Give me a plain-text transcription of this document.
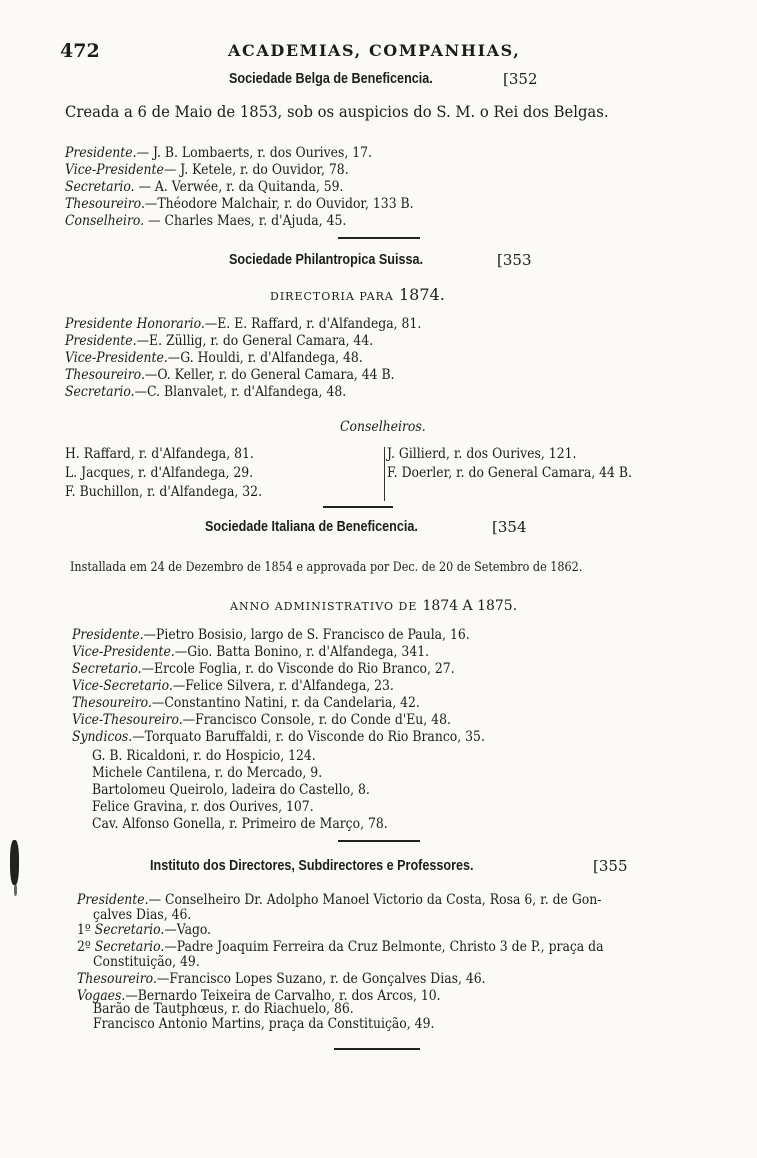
472	ACADEMIAS, COMPANHIAS,
Sociedade Belga de Beneficencia.	[352
Creada a 6 de Maio de 1853, sob os auspicios do S. M. o Rei dos Belgas.
Presidente.— J. B. Lombaerts, r. dos Ourives, 17.
Vice-Presidente— J. Ketele, r. do Ouvidor, 78.
Secretario. — A. Verwée, r. da Quitanda, 59.
Thesoureiro.—Théodore Malchair, r. do Ouvidor, 133 B.
Conselheiro. — Charles Maes, r. d'Ajuda, 45.
Sociedade Philantropica Suissa.	[353
DIRECTORIA PARA 1874.
Presidente Honorario.—E. E. Raffard, r. d'Alfandega, 81.
Presidente.—E. Züllig, r. do General Camara, 44.
Vice-Presidente.—G. Houldi, r. d'Alfandega, 48.
Thesoureiro.—O. Keller, r. do General Camara, 44 B.
Secretario.—C. Blanvalet, r. d'Alfandega, 48.
Conselheiros.
H. Raffard, r. d'Alfandega, 81.
L. Jacques, r. d'Alfandega, 29.
F. Buchillon, r. d'Alfandega, 32.
J. Gillierd, r. dos Ourives, 121.
F. Doerler, r. do General Camara, 44 B.
Sociedade Italiana de Beneficencia.	[354
Installada em 24 de Dezembro de 1854 e approvada por Dec. de 20 de Setembro de 1862.
ANNO ADMINISTRATIVO DE 1874 A 1875.
Presidente.—Pietro Bosisio, largo de S. Francisco de Paula, 16.
Vice-Presidente.—Gio. Batta Bonino, r. d'Alfandega, 341.
Secretario.—Ercole Foglia, r. do Visconde do Rio Branco, 27.
Vice-Secretario.—Felice Silvera, r. d'Alfandega, 23.
Thesoureiro.—Constantino Natini, r. da Candelaria, 42.
Vice-Thesoureiro.—Francisco Console, r. do Conde d'Eu, 48.
Syndicos.—Torquato Baruffaldi, r. do Visconde do Rio Branco, 35.
G. B. Ricaldoni, r. do Hospicio, 124.
Michele Cantilena, r. do Mercado, 9.
Bartolomeu Queirolo, ladeira do Castello, 8.
Felice Gravina, r. dos Ourives, 107.
Cav. Alfonso Gonella, r. Primeiro de Março, 78.
Instituto dos Directores, Subdirectores e Professores.	[355
Presidente.— Conselheiro Dr. Adolpho Manoel Victorio da Costa, Rosa 6, r. de Gon-
çalves Dias, 46.
1º Secretario.—Vago.
2º Secretario.—Padre Joaquim Ferreira da Cruz Belmonte, Christo 3 de P., praça da
Constituição, 49.
Thesoureiro.—Francisco Lopes Suzano, r. de Gonçalves Dias, 46.
Vogaes.—Bernardo Teixeira de Carvalho, r. dos Arcos, 10.
Barão de Tautphœus, r. do Riachuelo, 86.
Francisco Antonio Martins, praça da Constituição, 49.
